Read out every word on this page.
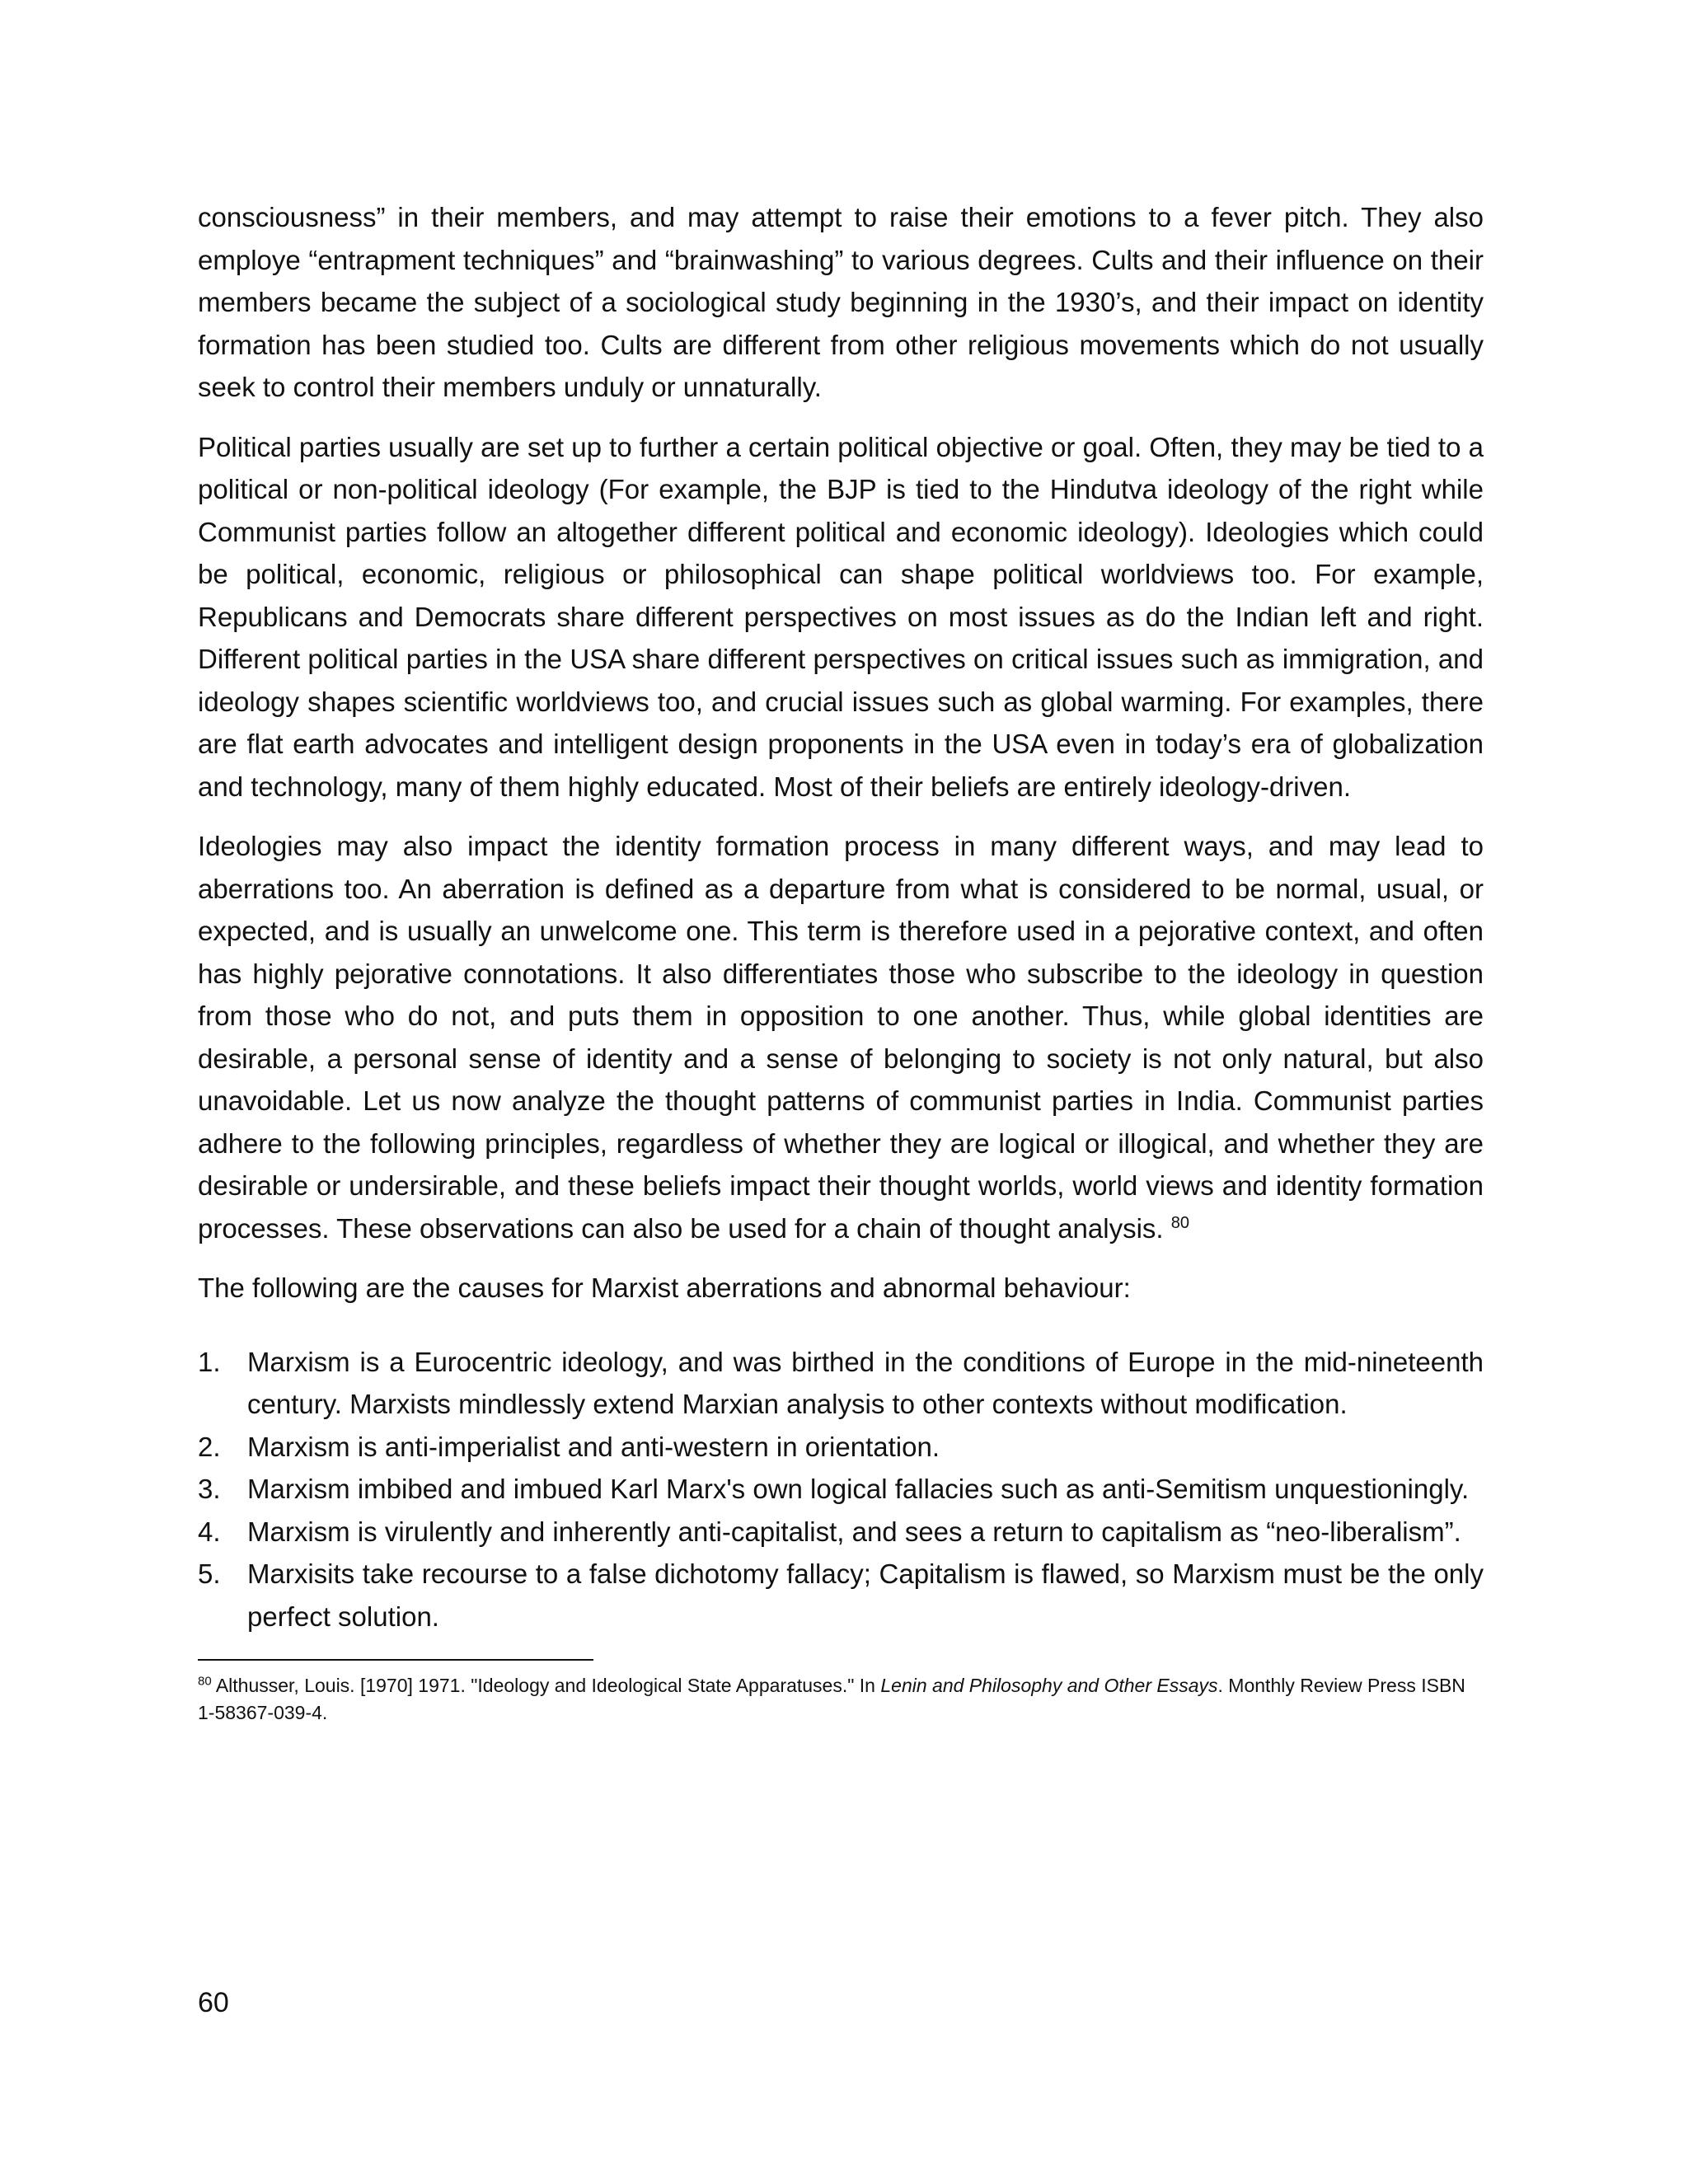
consciousness” in their members, and may attempt to raise their emotions to a fever pitch. They also employe “entrapment techniques” and “brainwashing” to various degrees. Cults and their influence on their members became the subject of a sociological study beginning in the 1930’s, and their impact on identity formation has been studied too. Cults are different from other religious movements which do not usually seek to control their members unduly or unnaturally.

Political parties usually are set up to further a certain political objective or goal. Often, they may be tied to a political or non-political ideology (For example, the BJP is tied to the Hindutva ideology of the right while Communist parties follow an altogether different political and economic ideology). Ideologies which could be political, economic, religious or philosophical can shape political worldviews too. For example, Republicans and Democrats share different perspectives on most issues as do the Indian left and right. Different political parties in the USA share different perspectives on critical issues such as immigration, and ideology shapes scientific worldviews too, and crucial issues such as global warming. For examples, there are flat earth advocates and intelligent design proponents in the USA even in today’s era of globalization and technology, many of them highly educated. Most of their beliefs are entirely ideology-driven.

Ideologies may also impact the identity formation process in many different ways, and may lead to aberrations too. An aberration is defined as a departure from what is considered to be normal, usual, or expected, and is usually an unwelcome one. This term is therefore used in a pejorative context, and often has highly pejorative connotations. It also differentiates those who subscribe to the ideology in question from those who do not, and puts them in opposition to one another. Thus, while global identities are desirable, a personal sense of identity and a sense of belonging to society is not only natural, but also unavoidable. Let us now analyze the thought patterns of communist parties in India. Communist parties adhere to the following principles, regardless of whether they are logical or illogical, and whether they are desirable or undersirable, and these beliefs impact their thought worlds, world views and identity formation processes. These observations can also be used for a chain of thought analysis. $^{80}$

The following are the causes for Marxist aberrations and abnormal behaviour:

1. Marxism is a Eurocentric ideology, and was birthed in the conditions of Europe in the mid-nineteenth century. Marxists mindlessly extend Marxian analysis to other contexts without modification.
2. Marxism is anti-imperialist and anti-western in orientation.
3. Marxism imbibed and imbued Karl Marx's own logical fallacies such as anti-Semitism unquestioningly.
4. Marxism is virulently and inherently anti-capitalist, and sees a return to capitalism as “neo-liberalism”.
5. Marxisits take recourse to a false dichotomy fallacy; Capitalism is flawed, so Marxism must be the only perfect solution.

$^{80}$ Althusser, Louis. [1970] 1971. "Ideology and Ideological State Apparatuses." In Lenin and Philosophy and Other Essays. Monthly Review Press ISBN 1-58367-039-4.

60
